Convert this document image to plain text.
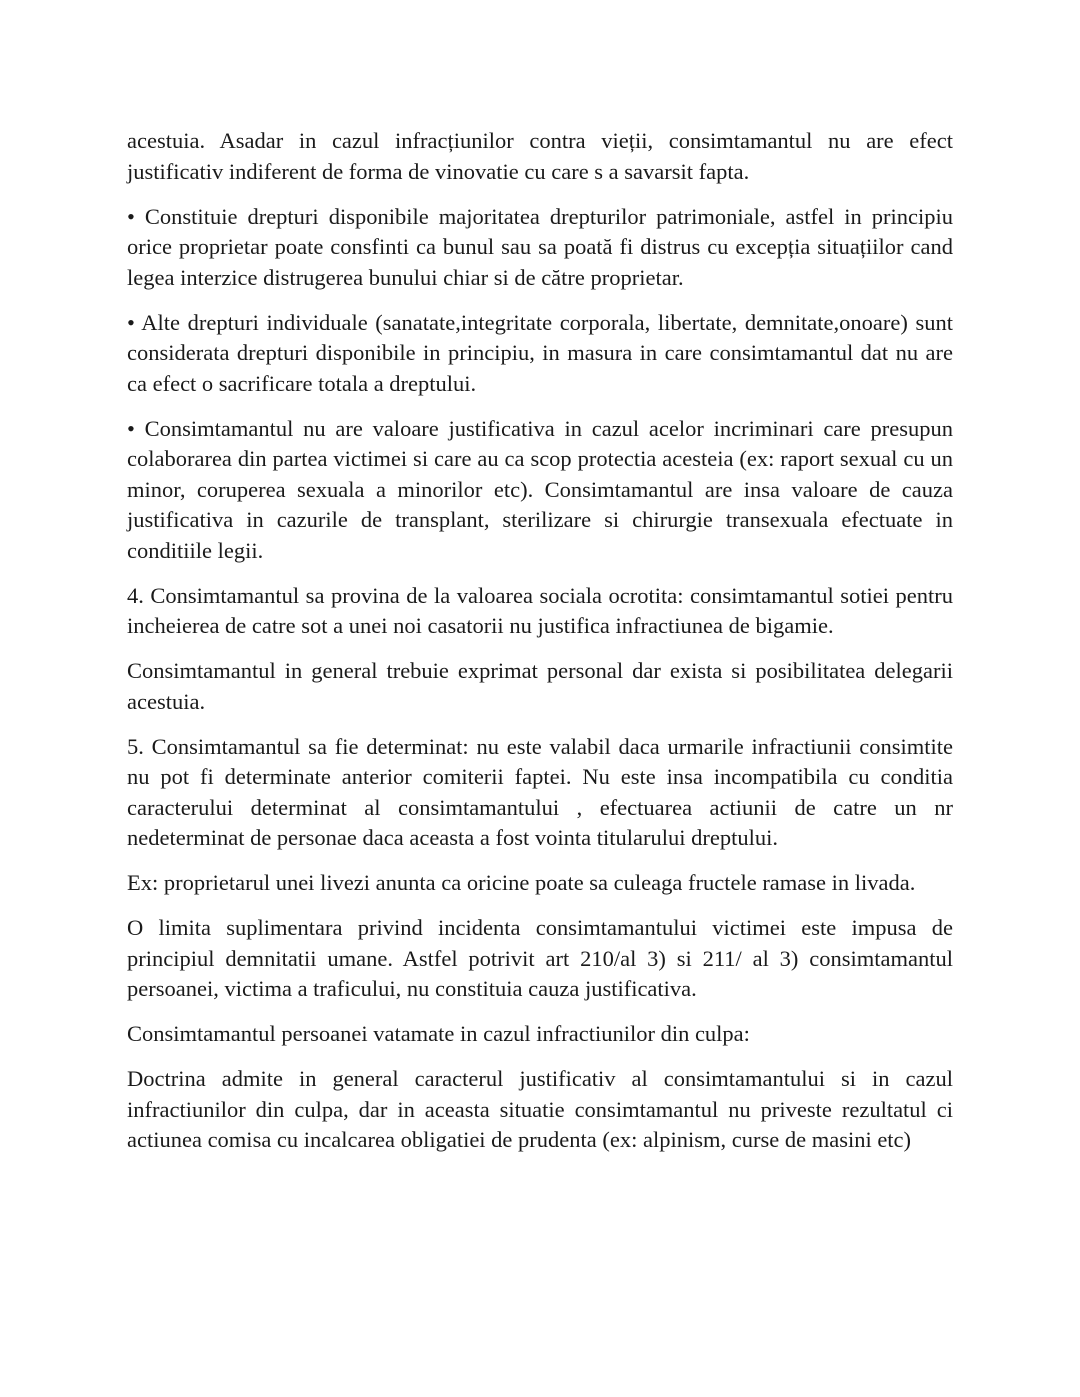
acestuia. Asadar in cazul infracțiunilor contra vieții, consimtamantul nu are efect justificativ indiferent de forma de vinovatie cu care s a savarsit fapta.

• Constituie drepturi disponibile majoritatea drepturilor patrimoniale, astfel in principiu orice proprietar poate consfinti ca bunul sau sa poată fi distrus cu excepția situațiilor cand legea interzice distrugerea bunului chiar si de către proprietar.

• Alte drepturi individuale (sanatate,integritate corporala, libertate, demnitate,onoare) sunt considerata drepturi disponibile in principiu, in masura in care consimtamantul dat nu are ca efect o sacrificare totala a dreptului.

• Consimtamantul nu are valoare justificativa in cazul acelor incriminari care presupun colaborarea din partea victimei si care au ca scop protectia acesteia (ex: raport sexual cu un minor, coruperea sexuala a minorilor etc). Consimtamantul are insa valoare de cauza justificativa in cazurile de transplant, sterilizare si chirurgie transexuala efectuate in conditiile legii.

4. Consimtamantul sa provina de la valoarea sociala ocrotita: consimtamantul sotiei pentru incheierea de catre sot a unei noi casatorii nu justifica infractiunea de bigamie.

Consimtamantul in general trebuie exprimat personal dar exista si posibilitatea delegarii acestuia.

5. Consimtamantul sa fie determinat: nu este valabil daca urmarile infractiunii consimtite nu pot fi determinate anterior comiterii faptei. Nu este insa incompatibila cu conditia caracterului determinat al consimtamantului , efectuarea actiunii de catre un nr nedeterminat de personae daca aceasta a fost vointa titularului dreptului.

Ex: proprietarul unei livezi anunta ca oricine poate sa culeaga fructele ramase in livada.

O limita suplimentara privind incidenta consimtamantului victimei este impusa de principiul demnitatii umane. Astfel potrivit art 210/al 3) si 211/ al 3) consimtamantul persoanei, victima a traficului, nu constituia cauza justificativa.

Consimtamantul persoanei vatamate in cazul infractiunilor din culpa:

Doctrina admite in general caracterul justificativ al consimtamantului si in cazul infractiunilor din culpa, dar in aceasta situatie consimtamantul nu priveste rezultatul ci actiunea comisa cu incalcarea obligatiei de prudenta (ex: alpinism, curse de masini etc)
